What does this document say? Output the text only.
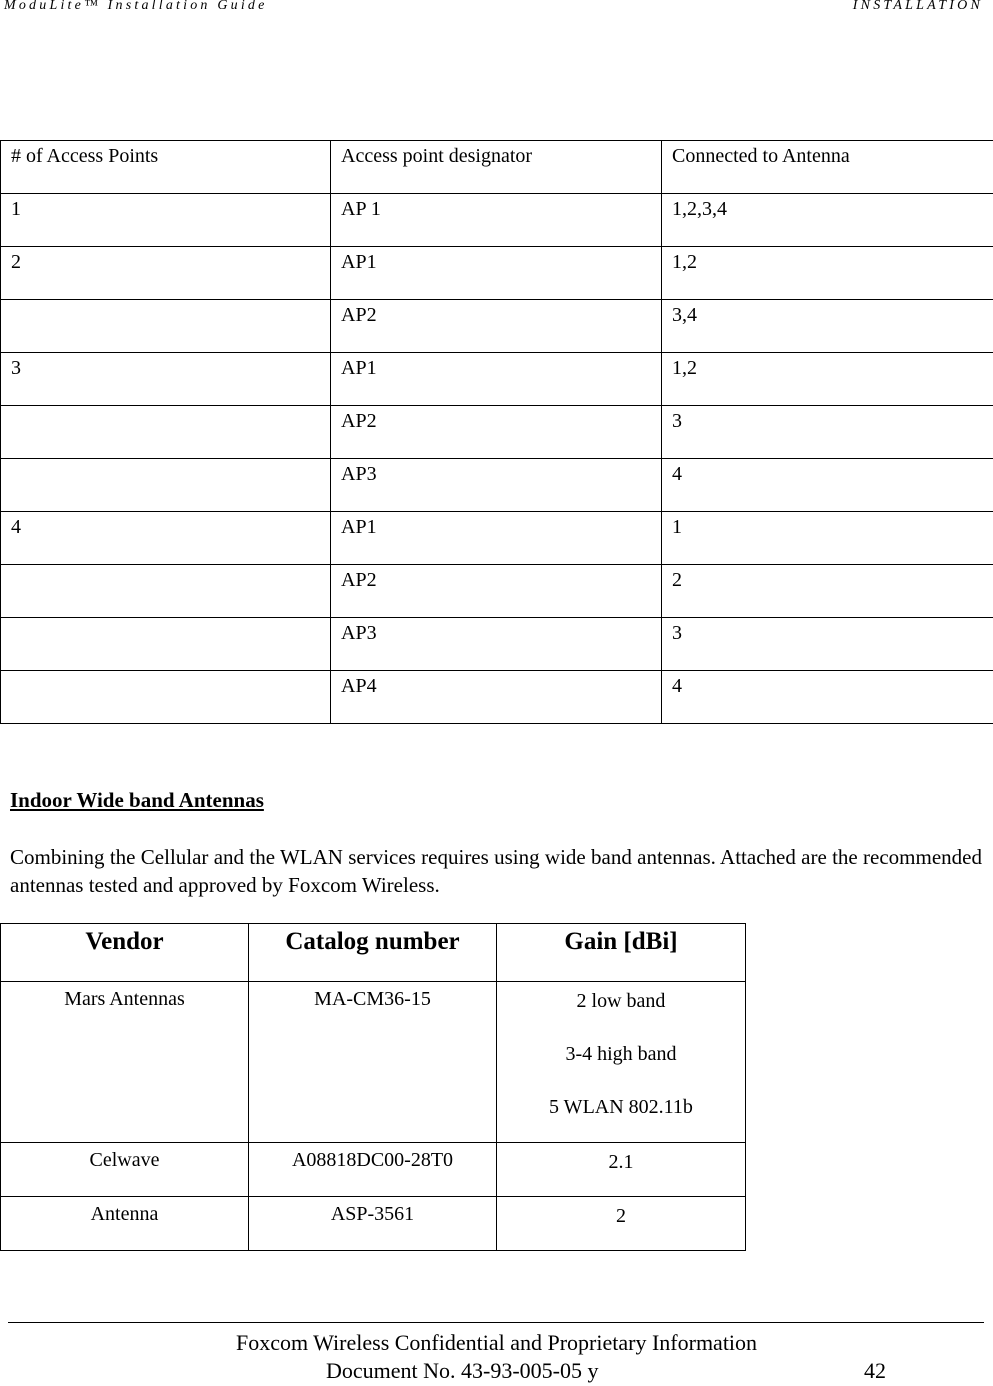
ModuLite™ Installation Guide	INSTALLATION
# of Access Points	Access point designator	Connected to Antenna
1	AP 1	1,2,3,4
2	AP1	1,2
	AP2	3,4
3	AP1	1,2
	AP2	3
	AP3	4
4	AP1	1
	AP2	2
	AP3	3
	AP4	4
Indoor Wide band Antennas
Combining the Cellular and the WLAN services requires using wide band antennas. Attached are the recommended antennas tested and approved by Foxcom Wireless.
Vendor	Catalog number	Gain [dBi]
Mars Antennas	MA-CM36-15	2 low band
3-4 high band
5 WLAN 802.11b

Celwave	A08818DC00-28T0	2.1

Antenna	ASP-3561	2
Foxcom Wireless Confidential and Proprietary Information
Document No. 43-93-005-05 y	42
